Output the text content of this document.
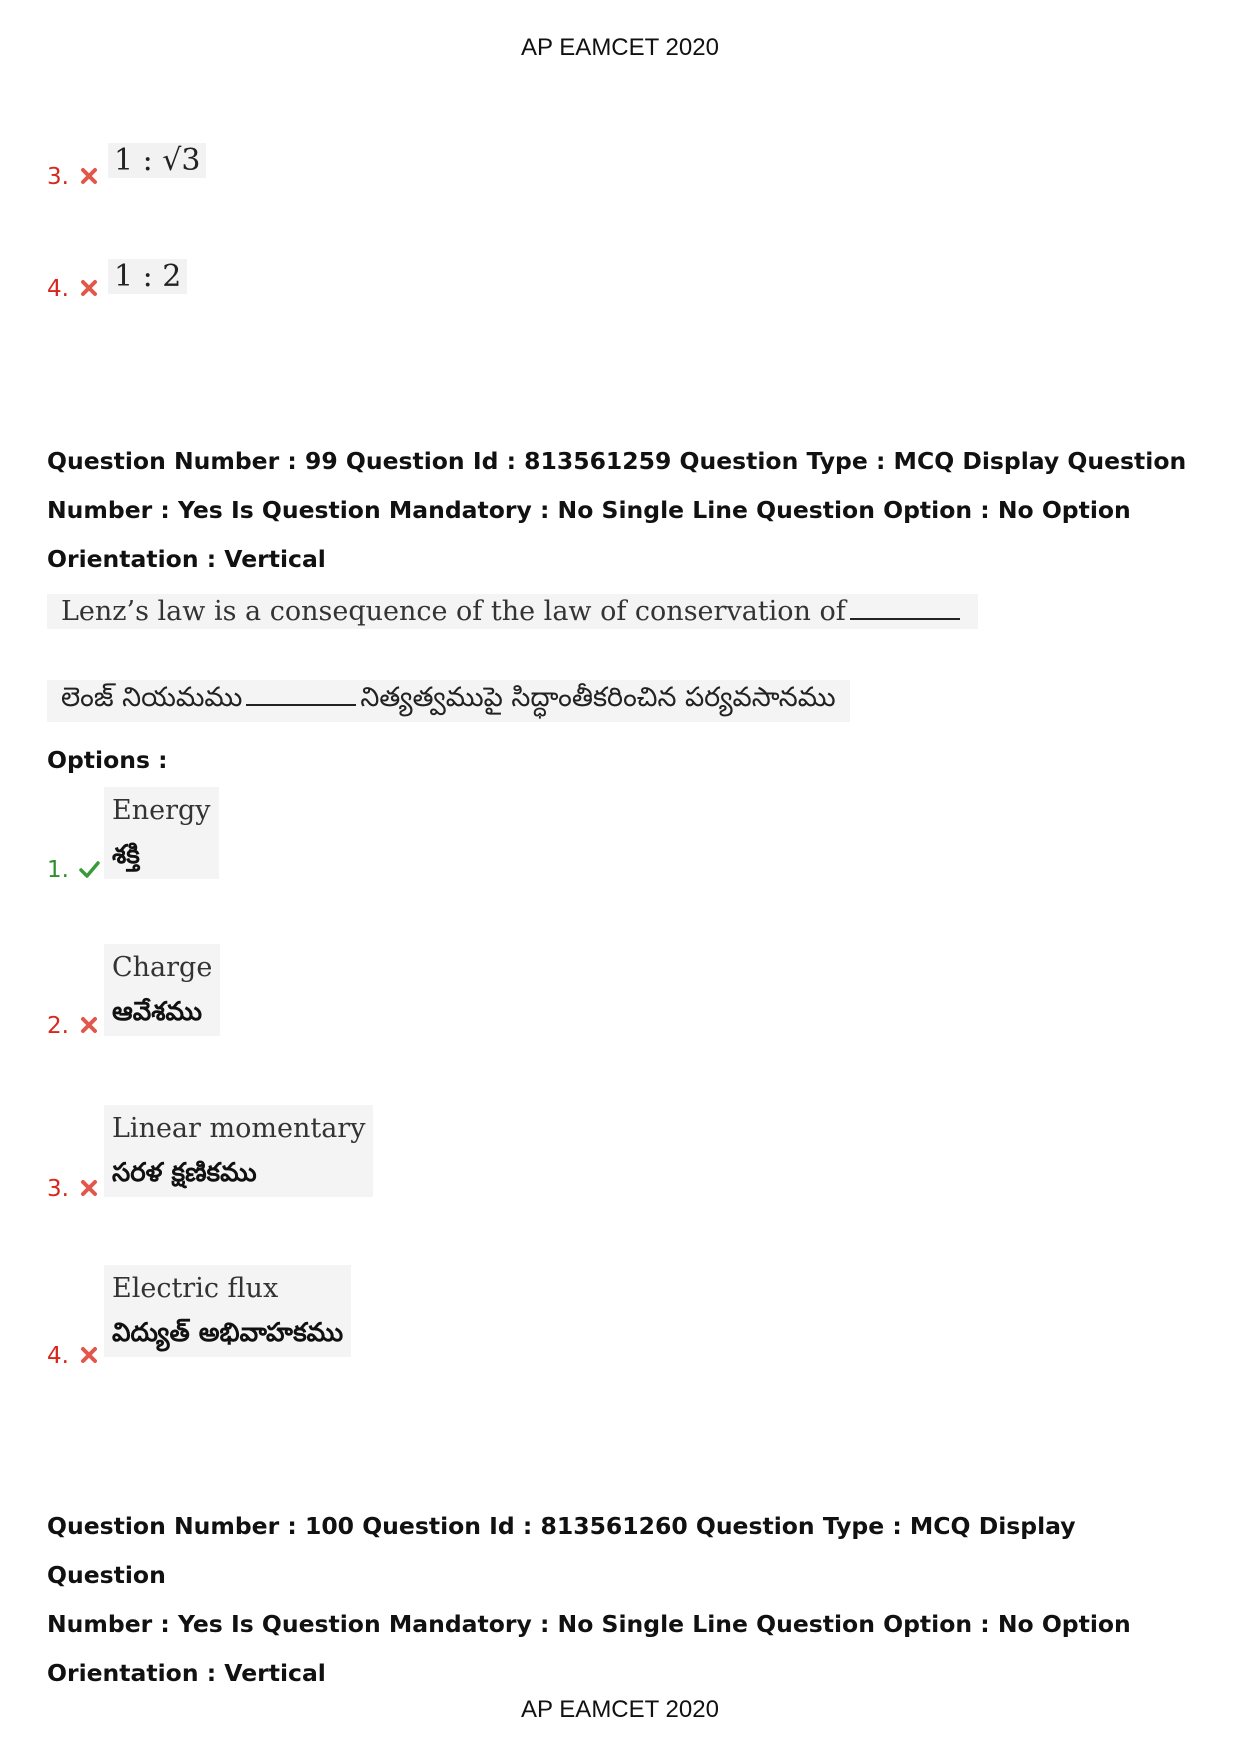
AP EAMCET 2020
3. 1 : √3
4. 1 : 2
Question Number : 99 Question Id : 813561259 Question Type : MCQ Display Question
Number : Yes Is Question Mandatory : No Single Line Question Option : No Option
Orientation : Vertical
Lenz’s law is a consequence of the law of conservation of
లెంజ్ నియమము	నిత్యత్వముపై సిద్ధాంతీకరించిన పర్యవసానము
Options :
Energy
శక్తి
1.
Charge
ఆవేశము
2.
Linear momentary
సరళ క్షణికము
3.
Electric flux
విద్యుత్ అభివాహకము
4.
Question Number : 100 Question Id : 813561260 Question Type : MCQ Display Question
Number : Yes Is Question Mandatory : No Single Line Question Option : No Option
Orientation : Vertical
AP EAMCET 2020
